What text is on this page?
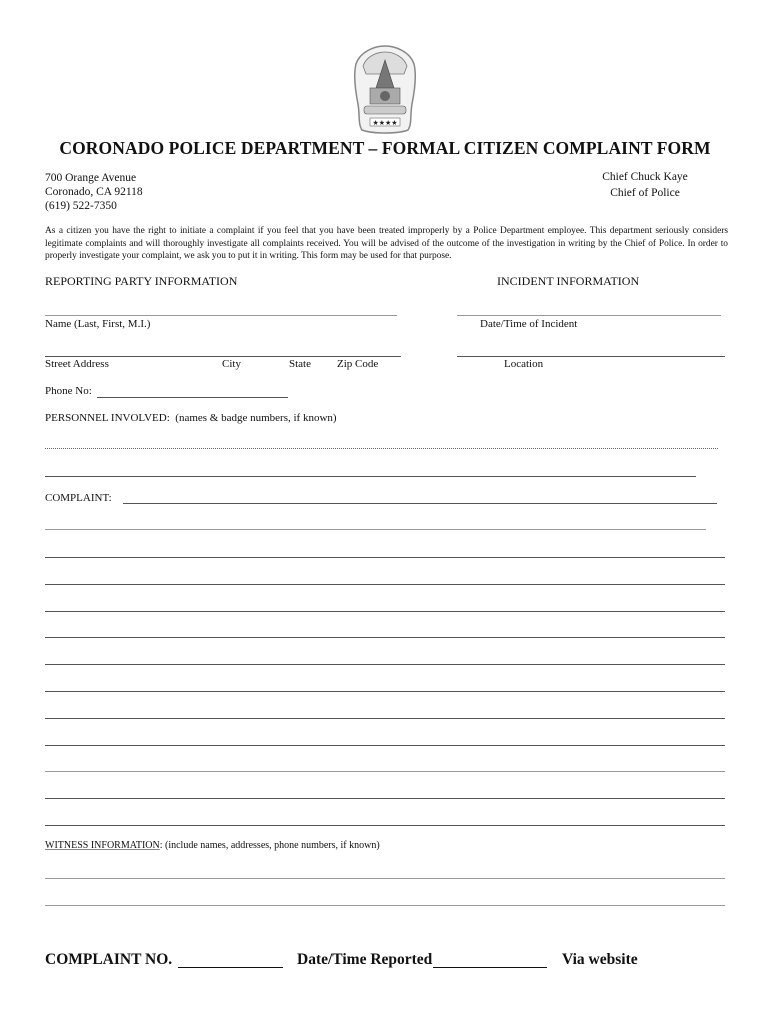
★★★★
CORONADO POLICE DEPARTMENT – FORMAL CITIZEN COMPLAINT FORM
700 Orange Avenue
Coronado, CA 92118
(619) 522-7350
Chief Chuck Kaye
Chief of Police
As a citizen you have the right to initiate a complaint if you feel that you have been treated improperly by a Police Department employee. This department seriously considers legitimate complaints and will thoroughly investigate all complaints received. You will be advised of the outcome of the investigation in writing by the Chief of Police. In order to properly investigate your complaint, we ask you to put it in writing. This form may be used for that purpose.
REPORTING PARTY INFORMATION	INCIDENT INFORMATION
Name (Last, First, M.I.)	Date/Time of Incident
Street Address	City	State Zip Code	Location
Phone No:
PERSONNEL INVOLVED: (names & badge numbers, if known)
COMPLAINT:
WITNESS INFORMATION: (include names, addresses, phone numbers, if known)
COMPLAINT NO.	Date/Time Reported	Via website
